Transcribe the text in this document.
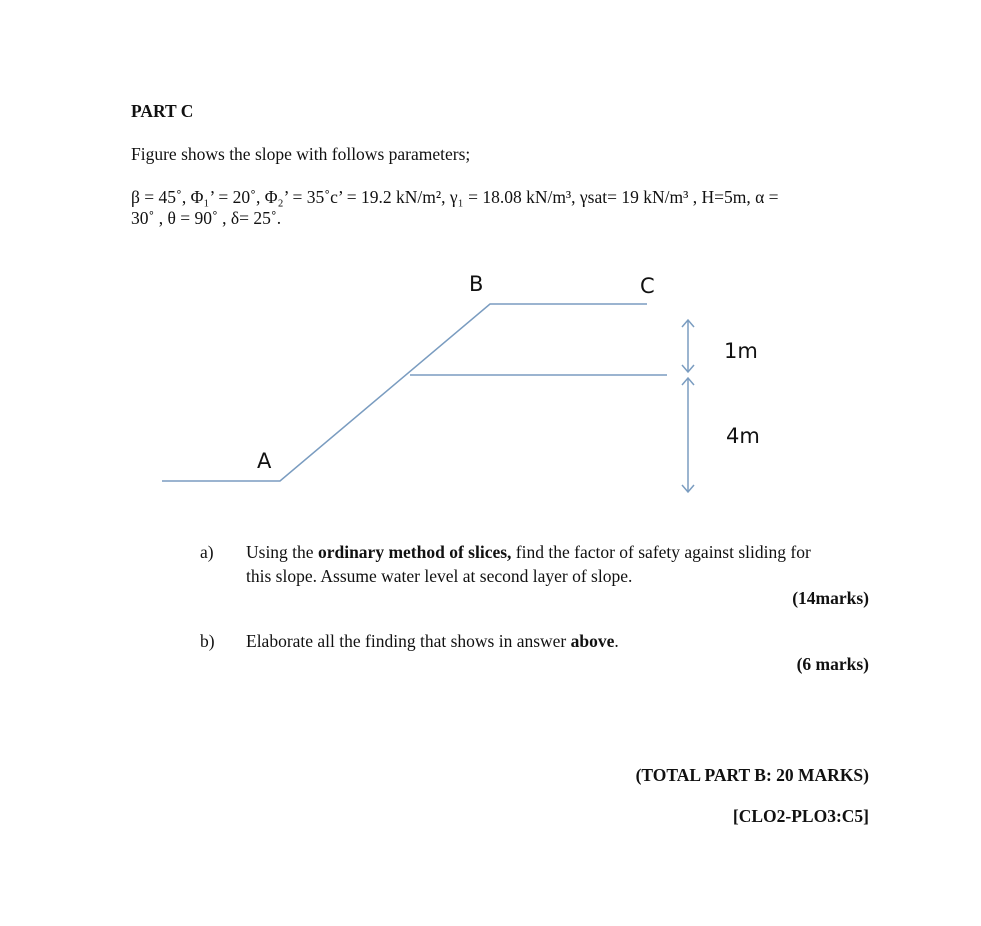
PART C
Figure shows the slope with follows parameters;
β = 45˚, Φ₁’ = 20˚, Φ₂’ = 35˚c’ = 19.2 kN/m², γ₁ = 18.08 kN/m³, γsat= 19 kN/m³ , H=5m, α =
30˚ , θ = 90˚ , δ= 25˚.
B	C
A
1m
4m
a) Using the ordinary method of slices, find the factor of safety against sliding for
this slope. Assume water level at second layer of slope.
(14marks)
b) Elaborate all the finding that shows in answer above.
(6 marks)
(TOTAL PART B: 20 MARKS)
[CLO2-PLO3:C5]
